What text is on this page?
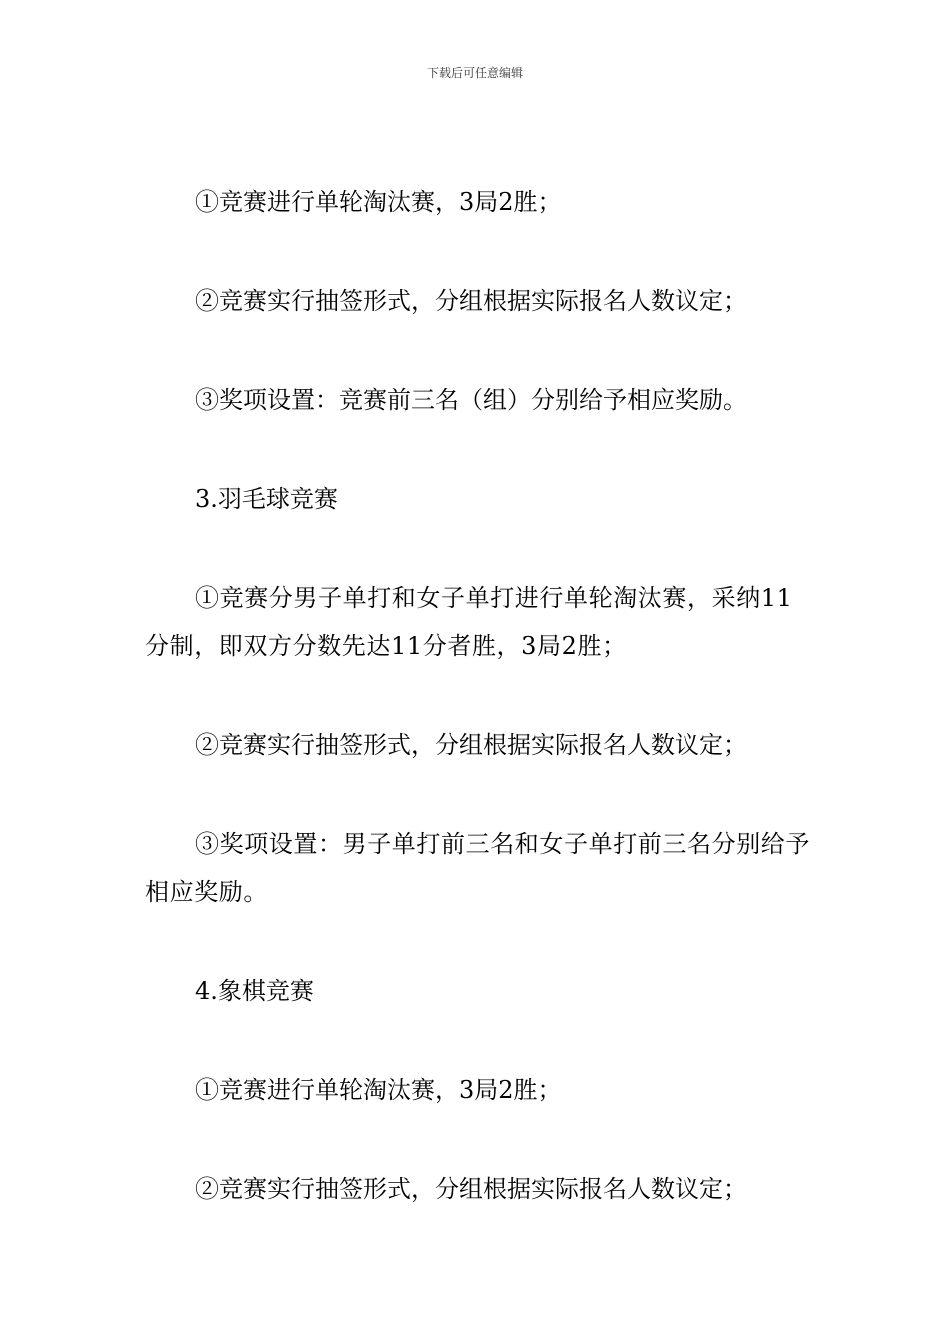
下载后可任意编辑

①竞赛进行单轮淘汰赛，3局2胜；

②竞赛实行抽签形式，分组根据实际报名人数议定；

③奖项设置：竞赛前三名（组）分别给予相应奖励。

3.羽毛球竞赛

①竞赛分男子单打和女子单打进行单轮淘汰赛，采纳11分制，即双方分数先达11分者胜，3局2胜；

②竞赛实行抽签形式，分组根据实际报名人数议定；

③奖项设置：男子单打前三名和女子单打前三名分别给予相应奖励。

4.象棋竞赛

①竞赛进行单轮淘汰赛，3局2胜；

②竞赛实行抽签形式，分组根据实际报名人数议定；
